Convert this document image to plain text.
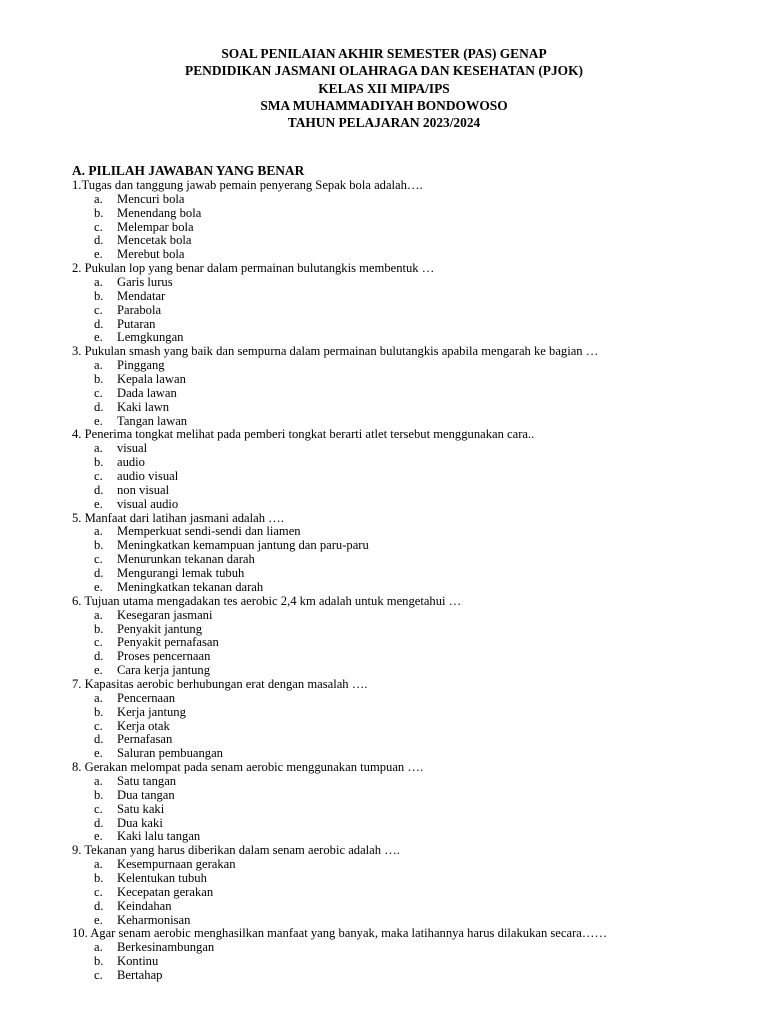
SOAL PENILAIAN AKHIR SEMESTER (PAS) GENAP
PENDIDIKAN JASMANI OLAHRAGA DAN KESEHATAN (PJOK)
KELAS XII MIPA/IPS
SMA MUHAMMADIYAH BONDOWOSO
TAHUN PELAJARAN 2023/2024
A. PILILAH JAWABAN YANG BENAR
1.Tugas dan tanggung jawab pemain penyerang Sepak bola adalah….
a. Mencuri bola
b. Menendang bola
c. Melempar bola
d. Mencetak bola
e. Merebut bola
2. Pukulan lop yang benar dalam permainan bulutangkis membentuk …
a. Garis lurus
b. Mendatar
c. Parabola
d. Putaran
e. Lemgkungan
3. Pukulan smash yang baik dan sempurna dalam permainan bulutangkis apabila mengarah ke bagian …
a. Pinggang
b. Kepala lawan
c. Dada lawan
d. Kaki lawn
e. Tangan lawan
4. Penerima tongkat melihat pada pemberi tongkat berarti atlet tersebut menggunakan cara..
a. visual
b. audio
c. audio visual
d. non visual
e. visual audio
5. Manfaat dari latihan jasmani adalah ….
a. Memperkuat sendi-sendi dan liamen
b. Meningkatkan kemampuan jantung dan paru-paru
c. Menurunkan tekanan darah
d. Mengurangi lemak tubuh
e. Meningkatkan tekanan darah
6. Tujuan utama mengadakan tes aerobic 2,4 km adalah untuk mengetahui …
a. Kesegaran jasmani
b. Penyakit jantung
c. Penyakit pernafasan
d. Proses pencernaan
e. Cara kerja jantung
7. Kapasitas aerobic berhubungan erat dengan masalah ….
a. Pencernaan
b. Kerja jantung
c. Kerja otak
d. Pernafasan
e. Saluran pembuangan
8. Gerakan melompat pada senam aerobic menggunakan tumpuan ….
a. Satu tangan
b. Dua tangan
c. Satu kaki
d. Dua kaki
e. Kaki lalu tangan
9. Tekanan yang harus diberikan dalam senam aerobic adalah ….
a. Kesempurnaan gerakan
b. Kelentukan tubuh
c. Kecepatan gerakan
d. Keindahan
e. Keharmonisan
10. Agar senam aerobic menghasilkan manfaat yang banyak, maka latihannya harus dilakukan secara……
a. Berkesinambungan
b. Kontinu
c. Bertahap
